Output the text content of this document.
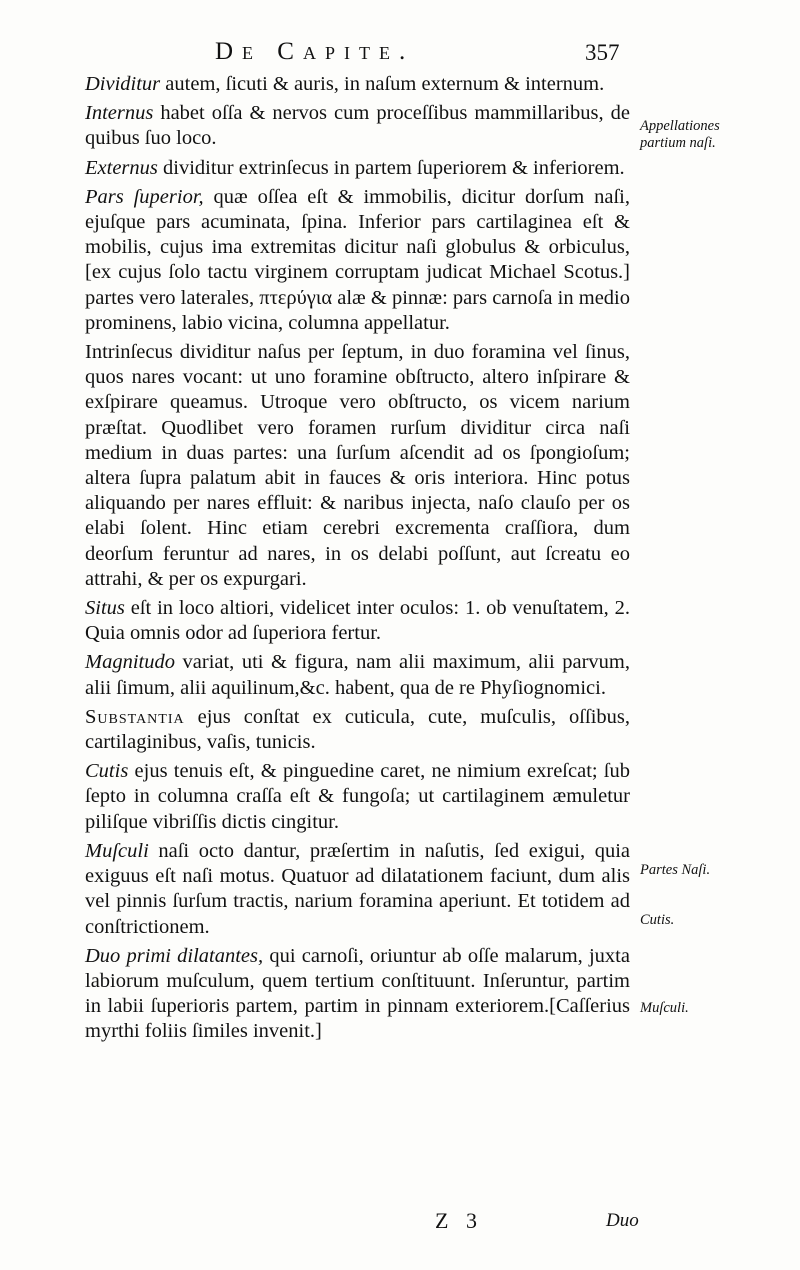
De Capite.	357

Dividitur autem, ſicuti & auris, in naſum externum & internum.

Internus habet oſſa & nervos cum proceſſibus mammillaribus, de quibus ſuo loco.

Externus dividitur extrinſecus in partem ſuperiorem & inferiorem.

Pars ſuperior, quæ oſſea eſt & immobilis, dicitur dorſum naſi, ejuſque pars acuminata, ſpina. Inferior pars cartilaginea eſt & mobilis, cujus ima extremitas dicitur naſi globulus & orbiculus, [ex cujus ſolo tactu virginem corruptam judicat Michael Scotus.] partes vero laterales, πτερύγια alæ & pinnæ: pars carnoſa in medio prominens, labio vicina, columna appellatur.

Intrinſecus dividitur naſus per ſeptum, in duo foramina vel ſinus, quos nares vocant: ut uno foramine obſtructo, altero inſpirare & exſpirare queamus. Utroque vero obſtructo, os vicem narium præſtat. Quodlibet vero foramen rurſum dividitur circa naſi medium in duas partes: una ſurſum aſcendit ad os ſpongioſum; altera ſupra palatum abit in fauces & oris interiora. Hinc potus aliquando per nares effluit: & naribus injecta, naſo clauſo per os elabi ſolent. Hinc etiam cerebri excrementa craſſiora, dum deorſum feruntur ad nares, in os delabi poſſunt, aut ſcreatu eo attrahi, & per os expurgari.

Situs eſt in loco altiori, videlicet inter oculos: 1. ob venuſtatem, 2. Quia omnis odor ad ſuperiora fertur.

Magnitudo variat, uti & figura, nam alii maximum, alii parvum, alii ſimum, alii aquilinum,&c. habent, qua de re Phyſiognomici.

Substantia ejus conſtat ex cuticula, cute, muſculis, oſſibus, cartilaginibus, vaſis, tunicis.

Cutis ejus tenuis eſt, & pinguedine caret, ne nimium exreſcat; ſub ſepto in columna craſſa eſt & fungoſa; ut cartilaginem æmuletur piliſque vibriſſis dictis cingitur.

Muſculi naſi octo dantur, præſertim in naſutis, ſed exigui, quia exiguus eſt naſi motus. Quatuor ad dilatationem faciunt, dum alis vel pinnis ſurſum tractis, narium foramina aperiunt. Et totidem ad conſtrictionem.

Duo primi dilatantes, qui carnoſi, oriuntur ab oſſe malarum, juxta labiorum muſculum, quem tertium conſtituunt. Inſeruntur, partim in labii ſuperioris partem, partim in pinnam exteriorem.[Caſſerius myrthi foliis ſimiles invenit.]

Appellationes partium naſi.
Partes Naſi.
Cutis.
Muſculi.
Z 3	Duo
